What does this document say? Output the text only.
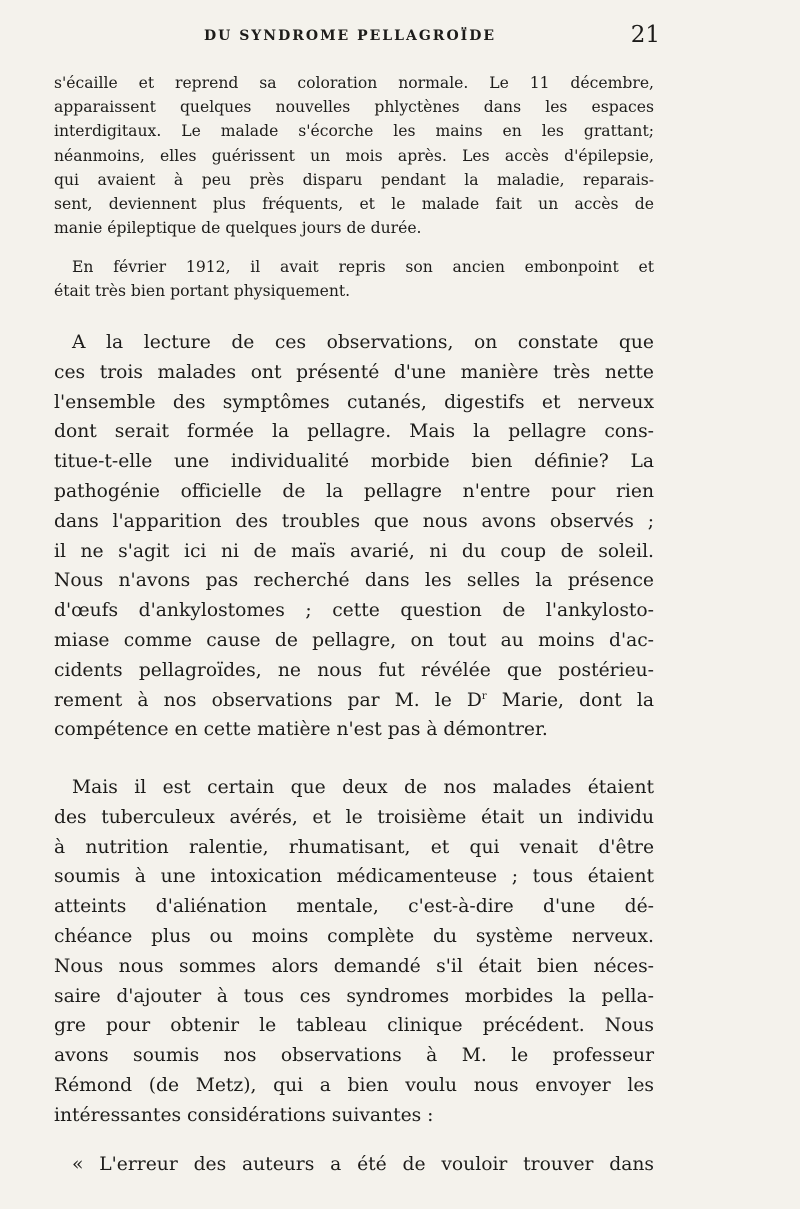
DU SYNDROME PELLAGROÏDE	21

s'écaille et reprend sa coloration normale. Le 11 décembre,
apparaissent quelques nouvelles phlyctènes dans les espaces
interdigitaux. Le malade s'écorche les mains en les grattant;
néanmoins, elles guérissent un mois après. Les accès d'épilepsie,
qui avaient à peu près disparu pendant la maladie, reparais-
sent, deviennent plus fréquents, et le malade fait un accès de
manie épileptique de quelques jours de durée.

En février 1912, il avait repris son ancien embonpoint et
était très bien portant physiquement.

A la lecture de ces observations, on constate que
ces trois malades ont présenté d'une manière très nette
l'ensemble des symptômes cutanés, digestifs et nerveux
dont serait formée la pellagre. Mais la pellagre cons-
titue-t-elle une individualité morbide bien définie? La
pathogénie officielle de la pellagre n'entre pour rien
dans l'apparition des troubles que nous avons observés ;
il ne s'agit ici ni de maïs avarié, ni du coup de soleil.
Nous n'avons pas recherché dans les selles la présence
d'œufs d'ankylostomes ; cette question de l'ankylosto-
miase comme cause de pellagre, on tout au moins d'ac-
cidents pellagroïdes, ne nous fut révélée que postérieu-
rement à nos observations par M. le $D^r$ Marie, dont la
compétence en cette matière n'est pas à démontrer.

Mais il est certain que deux de nos malades étaient
des tuberculeux avérés, et le troisième était un individu
à nutrition ralentie, rhumatisant, et qui venait d'être
soumis à une intoxication médicamenteuse ; tous étaient
atteints d'aliénation mentale, c'est-à-dire d'une dé-
chéance plus ou moins complète du système nerveux.
Nous nous sommes alors demandé s'il était bien néces-
saire d'ajouter à tous ces syndromes morbides la pella-
gre pour obtenir le tableau clinique précédent. Nous
avons soumis nos observations à M. le professeur
Rémond (de Metz), qui a bien voulu nous envoyer les
intéressantes considérations suivantes :

« L'erreur des auteurs a été de vouloir trouver dans
